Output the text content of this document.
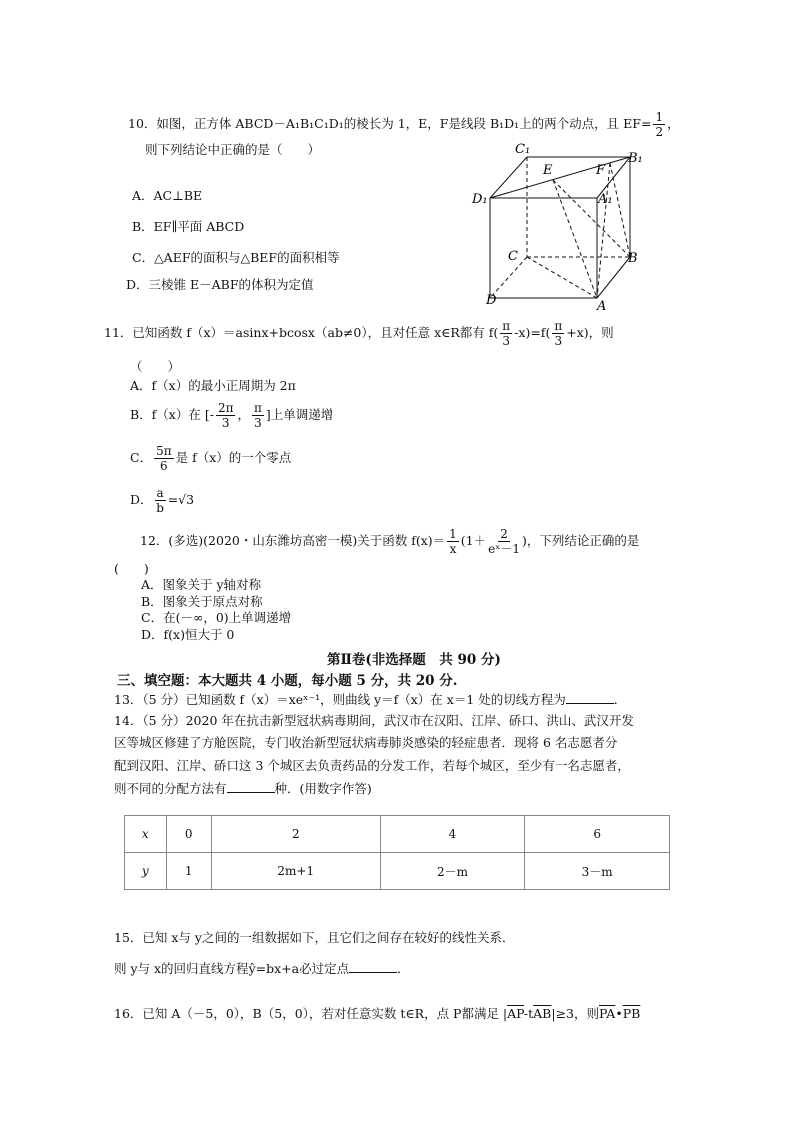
10．如图，正方体 ABCD－A₁B₁C₁D₁的棱长为 1，E，F是线段 B₁D₁上的两个动点，且 $EF= \frac{1}{2}$ ，
则下列结论中正确的是（　　）
A．AC⊥BE
B．EF∥平面 ABCD
C．△AEF的面积与△BEF的面积相等
D．三棱锥 E－ABF的体积为定值
C₁
B₁
D₁	A₁
E	F
C	B
D	A
11．已知函数 f（x）＝asinx+bcosx（ab≠0），且对任意 x∈R都有 $f( \frac{\pi}{3} -x)=f( \frac{\pi}{3} +x)$，则
（　　）
A．f（x）的最小正周期为 2π
B．f（x）在 [- $\frac{2\pi}{3}$ ， $\frac{\pi}{3}$ ]上单调递增
C． $\frac{5\pi}{6}$ 是 f（x）的一个零点
D． $\frac{a}{b} =√3$
12．(多选)(2020・山东潍坊高密一模)关于函数 $f(x)= \frac{1}{x} (1+ \frac{2}{\text{eˣ－1}}$ )，下列结论正确的是
(　　)
A．图象关于 y轴对称
B．图象关于原点对称
C．在(－∞，0)上单调递增
D．f(x)恒大于 0
第Ⅱ卷(非选择题　共 90 分)
三、填空题：本大题共 4 小题，每小题 5 分，共 20 分.
13．（5 分）已知函数 f（x）＝xeˣ⁻¹，则曲线 y＝f（x）在 x＝1 处的切线方程为	．
14．（5 分）2020 年在抗击新型冠状病毒期间，武汉市在汉阳、江岸、硚口、洪山、武汉开发
区等城区修建了方舱医院，专门收治新型冠状病毒肺炎感染的轻症患者．现将 6 名志愿者分
配到汉阳、江岸、硚口这 3 个城区去负责药品的分发工作，若每个城区，至少有一名志愿者，
则不同的分配方法有	种．(用数字作答)
x	0	2	4	6
y	1	2m+1	2－m	3－m
15．已知 x与 y之间的一组数据如下，且它们之间存在较好的线性关系．
则 y与 x的回归直线方程ŷ=bx+a必过定点	．
16．已知 A（－5，0），B（5，0），若对任意实数 t∈R，点 P都满足 $|\overline{AP}-t\overline{AB}|\ge 3$，则$\overline{PA}•\overline{PB}$
